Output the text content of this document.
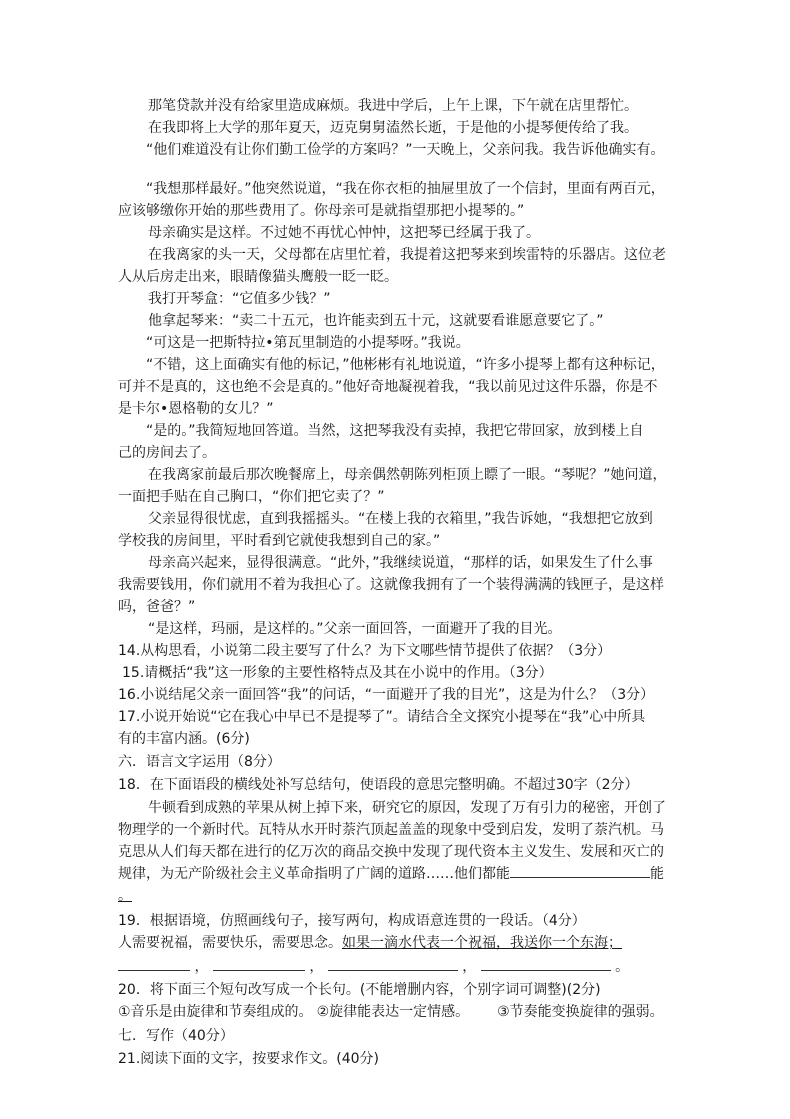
那笔贷款并没有给家里造成麻烦。我进中学后，上午上课，下午就在店里帮忙。
在我即将上大学的那年夏天，迈克舅舅溘然长逝，于是他的小提琴便传给了我。
“他们难道没有让你们勤工俭学的方案吗？”一天晚上，父亲问我。我告诉他确实有。
“我想那样最好。”他突然说道，“我在你衣柜的抽屉里放了一个信封，里面有两百元，
应该够缴你开始的那些费用了。你母亲可是就指望那把小提琴的。”
母亲确实是这样。不过她不再忧心忡忡，这把琴已经属于我了。
在我离家的头一天，父母都在店里忙着，我提着这把琴来到埃雷特的乐器店。这位老
人从后房走出来，眼睛像猫头鹰般一眨一眨。
我打开琴盒：“它值多少钱？”
他拿起琴来：“卖二十五元，也许能卖到五十元，这就要看谁愿意要它了。”
“可这是一把斯特拉•第瓦里制造的小提琴呀。”我说。
“不错，这上面确实有他的标记，”他彬彬有礼地说道，“许多小提琴上都有这种标记，
可并不是真的，这也绝不会是真的。”他好奇地凝视着我，“我以前见过这件乐器，你是不
是卡尔•恩格勒的女儿？”
“是的。”我简短地回答道。当然，这把琴我没有卖掉，我把它带回家，放到楼上自
己的房间去了。
在我离家前最后那次晚餐席上，母亲偶然朝陈列柜顶上瞟了一眼。“琴呢？”她问道，
一面把手贴在自己胸口，“你们把它卖了？”
父亲显得很忧虑，直到我摇摇头。“在楼上我的衣箱里，”我告诉她，“我想把它放到
学校我的房间里，平时看到它就使我想到自己的家。”
母亲高兴起来，显得很满意。“此外，”我继续说道，“那样的话，如果发生了什么事
我需要钱用，你们就用不着为我担心了。这就像我拥有了一个装得满满的钱匣子，是这样
吗，爸爸？”
“是这样，玛丽，是这样的。”父亲一面回答，一面避开了我的目光。
14.从构思看，小说第二段主要写了什么？为下文哪些情节提供了依据？（3分）
15.请概括“我”这一形象的主要性格特点及其在小说中的作用。（3分）
16.小说结尾父亲一面回答“我”的问话，“一面避开了我的目光”，这是为什么？（3分）
17.小说开始说“它在我心中早已不是提琴了”。请结合全文探究小提琴在“我”心中所具
有的丰富内涵。(6分)
六．语言文字运用（8分）
18．在下面语段的横线处补写总结句，使语段的意思完整明确。不超过30字（2分）
牛顿看到成熟的苹果从树上掉下来，研究它的原因，发现了万有引力的秘密，开创了
物理学的一个新时代。瓦特从水开时萘汽顶起盖盖的现象中受到启发，发明了萘汽机。马
克思从人们每天都在进行的亿万次的商品交换中发现了现代资本主义发生、发展和灭亡的
规律，为无产阶级社会主义革命指明了广阔的道路……他们都能	能
。
19．根据语境，仿照画线句子，接写两句，构成语意连贯的一段话。（4分）
人需要祝福，需要快乐，需要思念。如果一滴水代表一个祝福，我送你一个东海；
，	，	，	。
20．将下面三个短句改写成一个长句。(不能增删内容，个别字词可调整)(2分)
①音乐是由旋律和节奏组成的。 ②旋律能表达一定情感。 ③节奏能变换旋律的强弱。
七．写作（40分）
21.阅读下面的文字，按要求作文。(40分)
